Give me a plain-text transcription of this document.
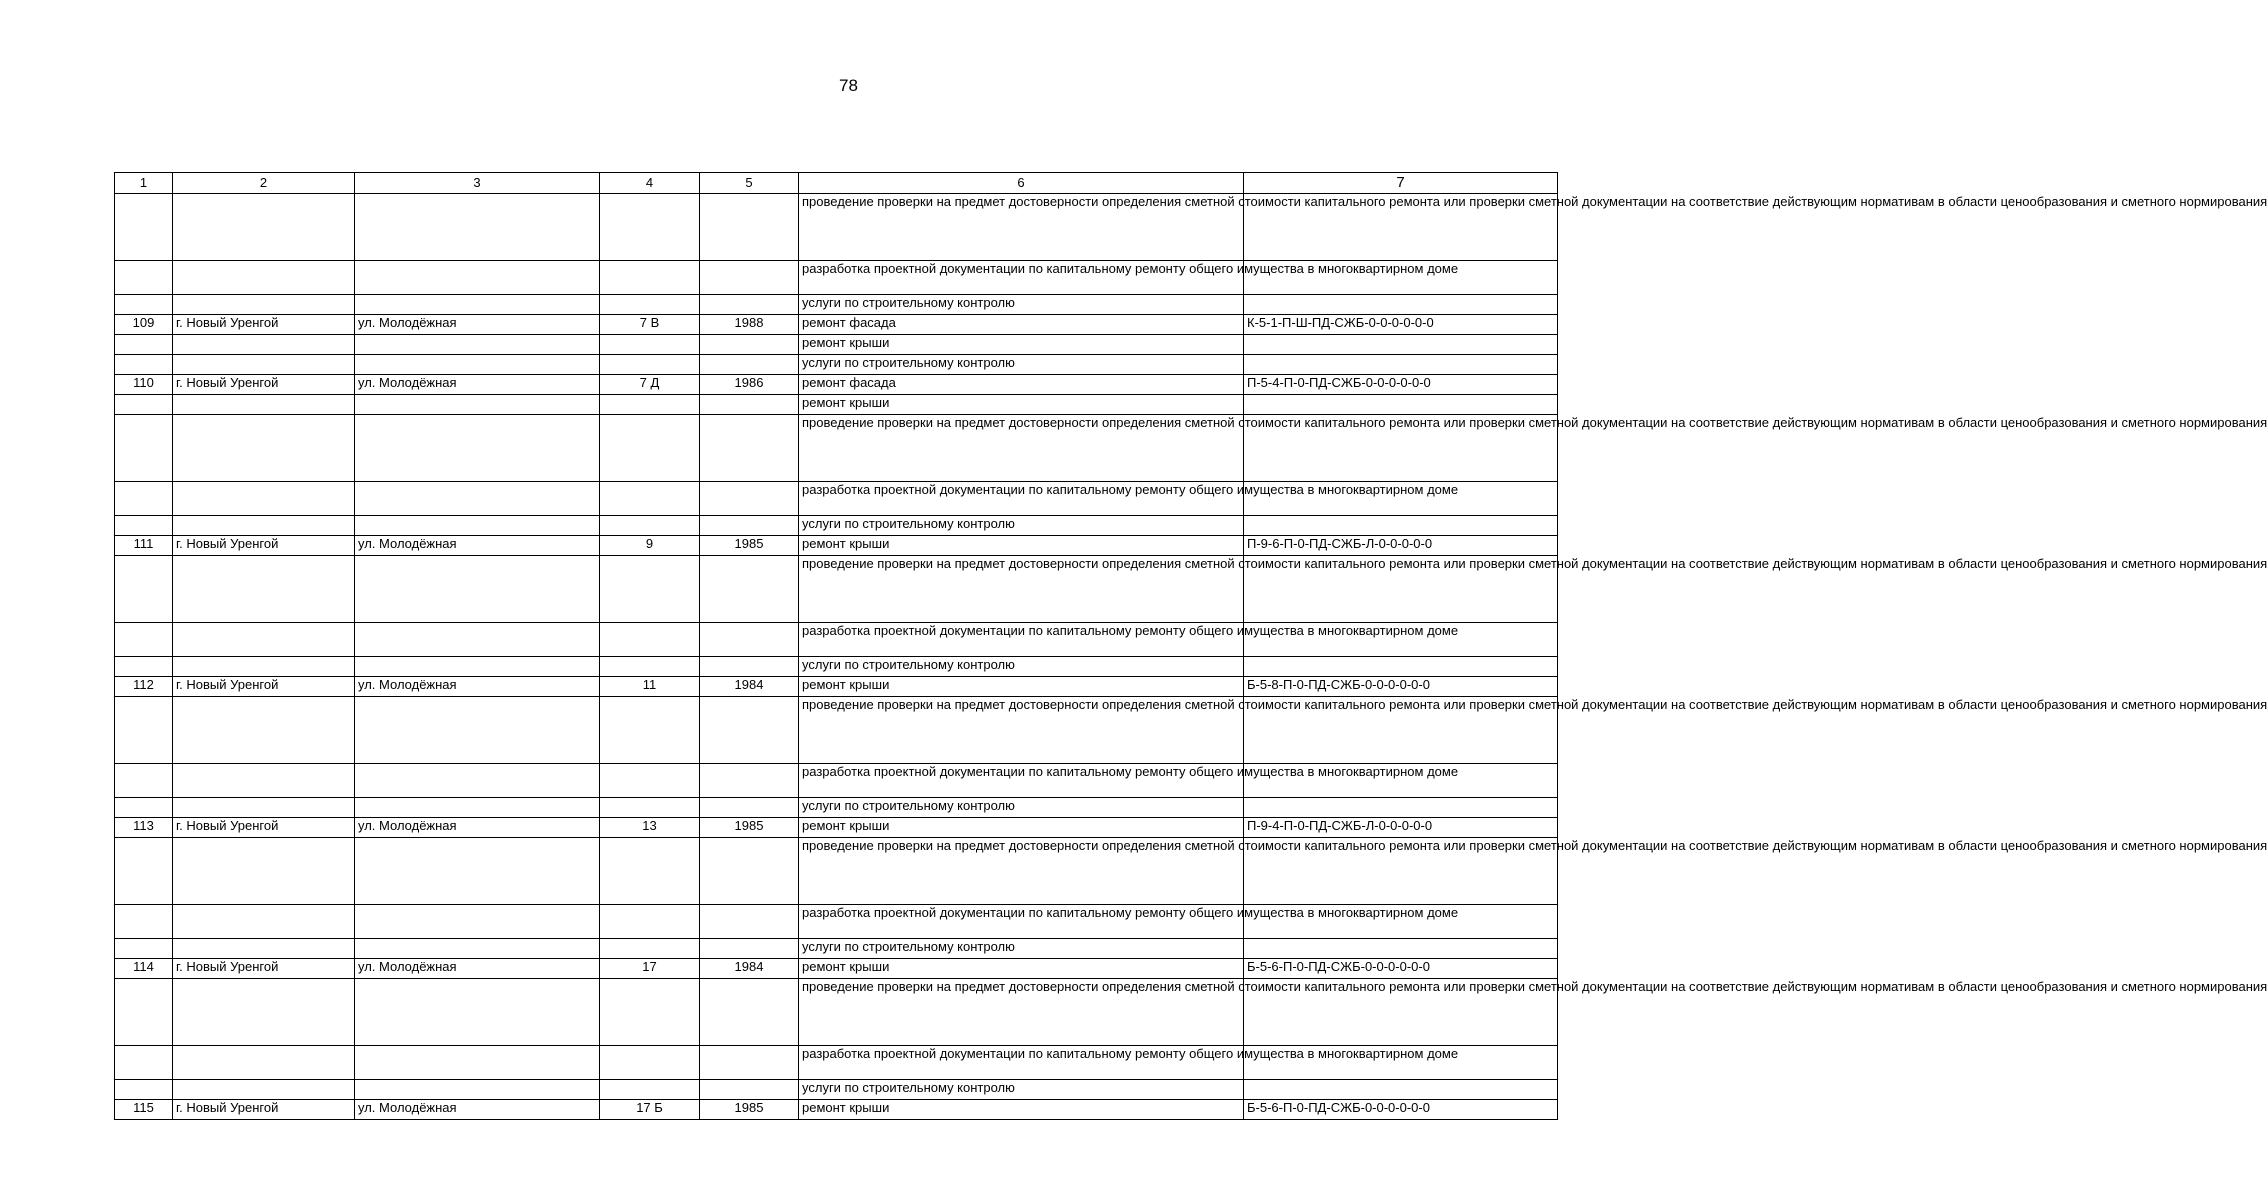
78
1	2	3	4	5	6	7
					проведение проверки на предмет достоверности определения сметной стоимости капитального ремонта или проверки сметной документации на соответствие действующим нормативам в области ценообразования и сметного нормирования	
					разработка проектной документации по капитальному ремонту общего имущества в многоквартирном доме	
					услуги по строительному контролю	
109	г. Новый Уренгой	ул. Молодёжная	7 В	1988	ремонт фасада	К-5-1-П-Ш-ПД-СЖБ-0-0-0-0-0-0
					ремонт крыши	
					услуги по строительному контролю	
110	г. Новый Уренгой	ул. Молодёжная	7 Д	1986	ремонт фасада	П-5-4-П-0-ПД-СЖБ-0-0-0-0-0-0
					ремонт крыши	
					проведение проверки на предмет достоверности определения сметной стоимости капитального ремонта или проверки сметной документации на соответствие действующим нормативам в области ценообразования и сметного нормирования	
					разработка проектной документации по капитальному ремонту общего имущества в многоквартирном доме	
					услуги по строительному контролю	
111	г. Новый Уренгой	ул. Молодёжная	9	1985	ремонт крыши	П-9-6-П-0-ПД-СЖБ-Л-0-0-0-0-0
					проведение проверки на предмет достоверности определения сметной стоимости капитального ремонта или проверки сметной документации на соответствие действующим нормативам в области ценообразования и сметного нормирования	
					разработка проектной документации по капитальному ремонту общего имущества в многоквартирном доме	
					услуги по строительному контролю	
112	г. Новый Уренгой	ул. Молодёжная	11	1984	ремонт крыши	Б-5-8-П-0-ПД-СЖБ-0-0-0-0-0-0
					проведение проверки на предмет достоверности определения сметной стоимости капитального ремонта или проверки сметной документации на соответствие действующим нормативам в области ценообразования и сметного нормирования	
					разработка проектной документации по капитальному ремонту общего имущества в многоквартирном доме	
					услуги по строительному контролю	
113	г. Новый Уренгой	ул. Молодёжная	13	1985	ремонт крыши	П-9-4-П-0-ПД-СЖБ-Л-0-0-0-0-0
					проведение проверки на предмет достоверности определения сметной стоимости капитального ремонта или проверки сметной документации на соответствие действующим нормативам в области ценообразования и сметного нормирования	
					разработка проектной документации по капитальному ремонту общего имущества в многоквартирном доме	
					услуги по строительному контролю	
114	г. Новый Уренгой	ул. Молодёжная	17	1984	ремонт крыши	Б-5-6-П-0-ПД-СЖБ-0-0-0-0-0-0
					проведение проверки на предмет достоверности определения сметной стоимости капитального ремонта или проверки сметной документации на соответствие действующим нормативам в области ценообразования и сметного нормирования	
					разработка проектной документации по капитальному ремонту общего имущества в многоквартирном доме	
					услуги по строительному контролю	
115	г. Новый Уренгой	ул. Молодёжная	17 Б	1985	ремонт крыши	Б-5-6-П-0-ПД-СЖБ-0-0-0-0-0-0
